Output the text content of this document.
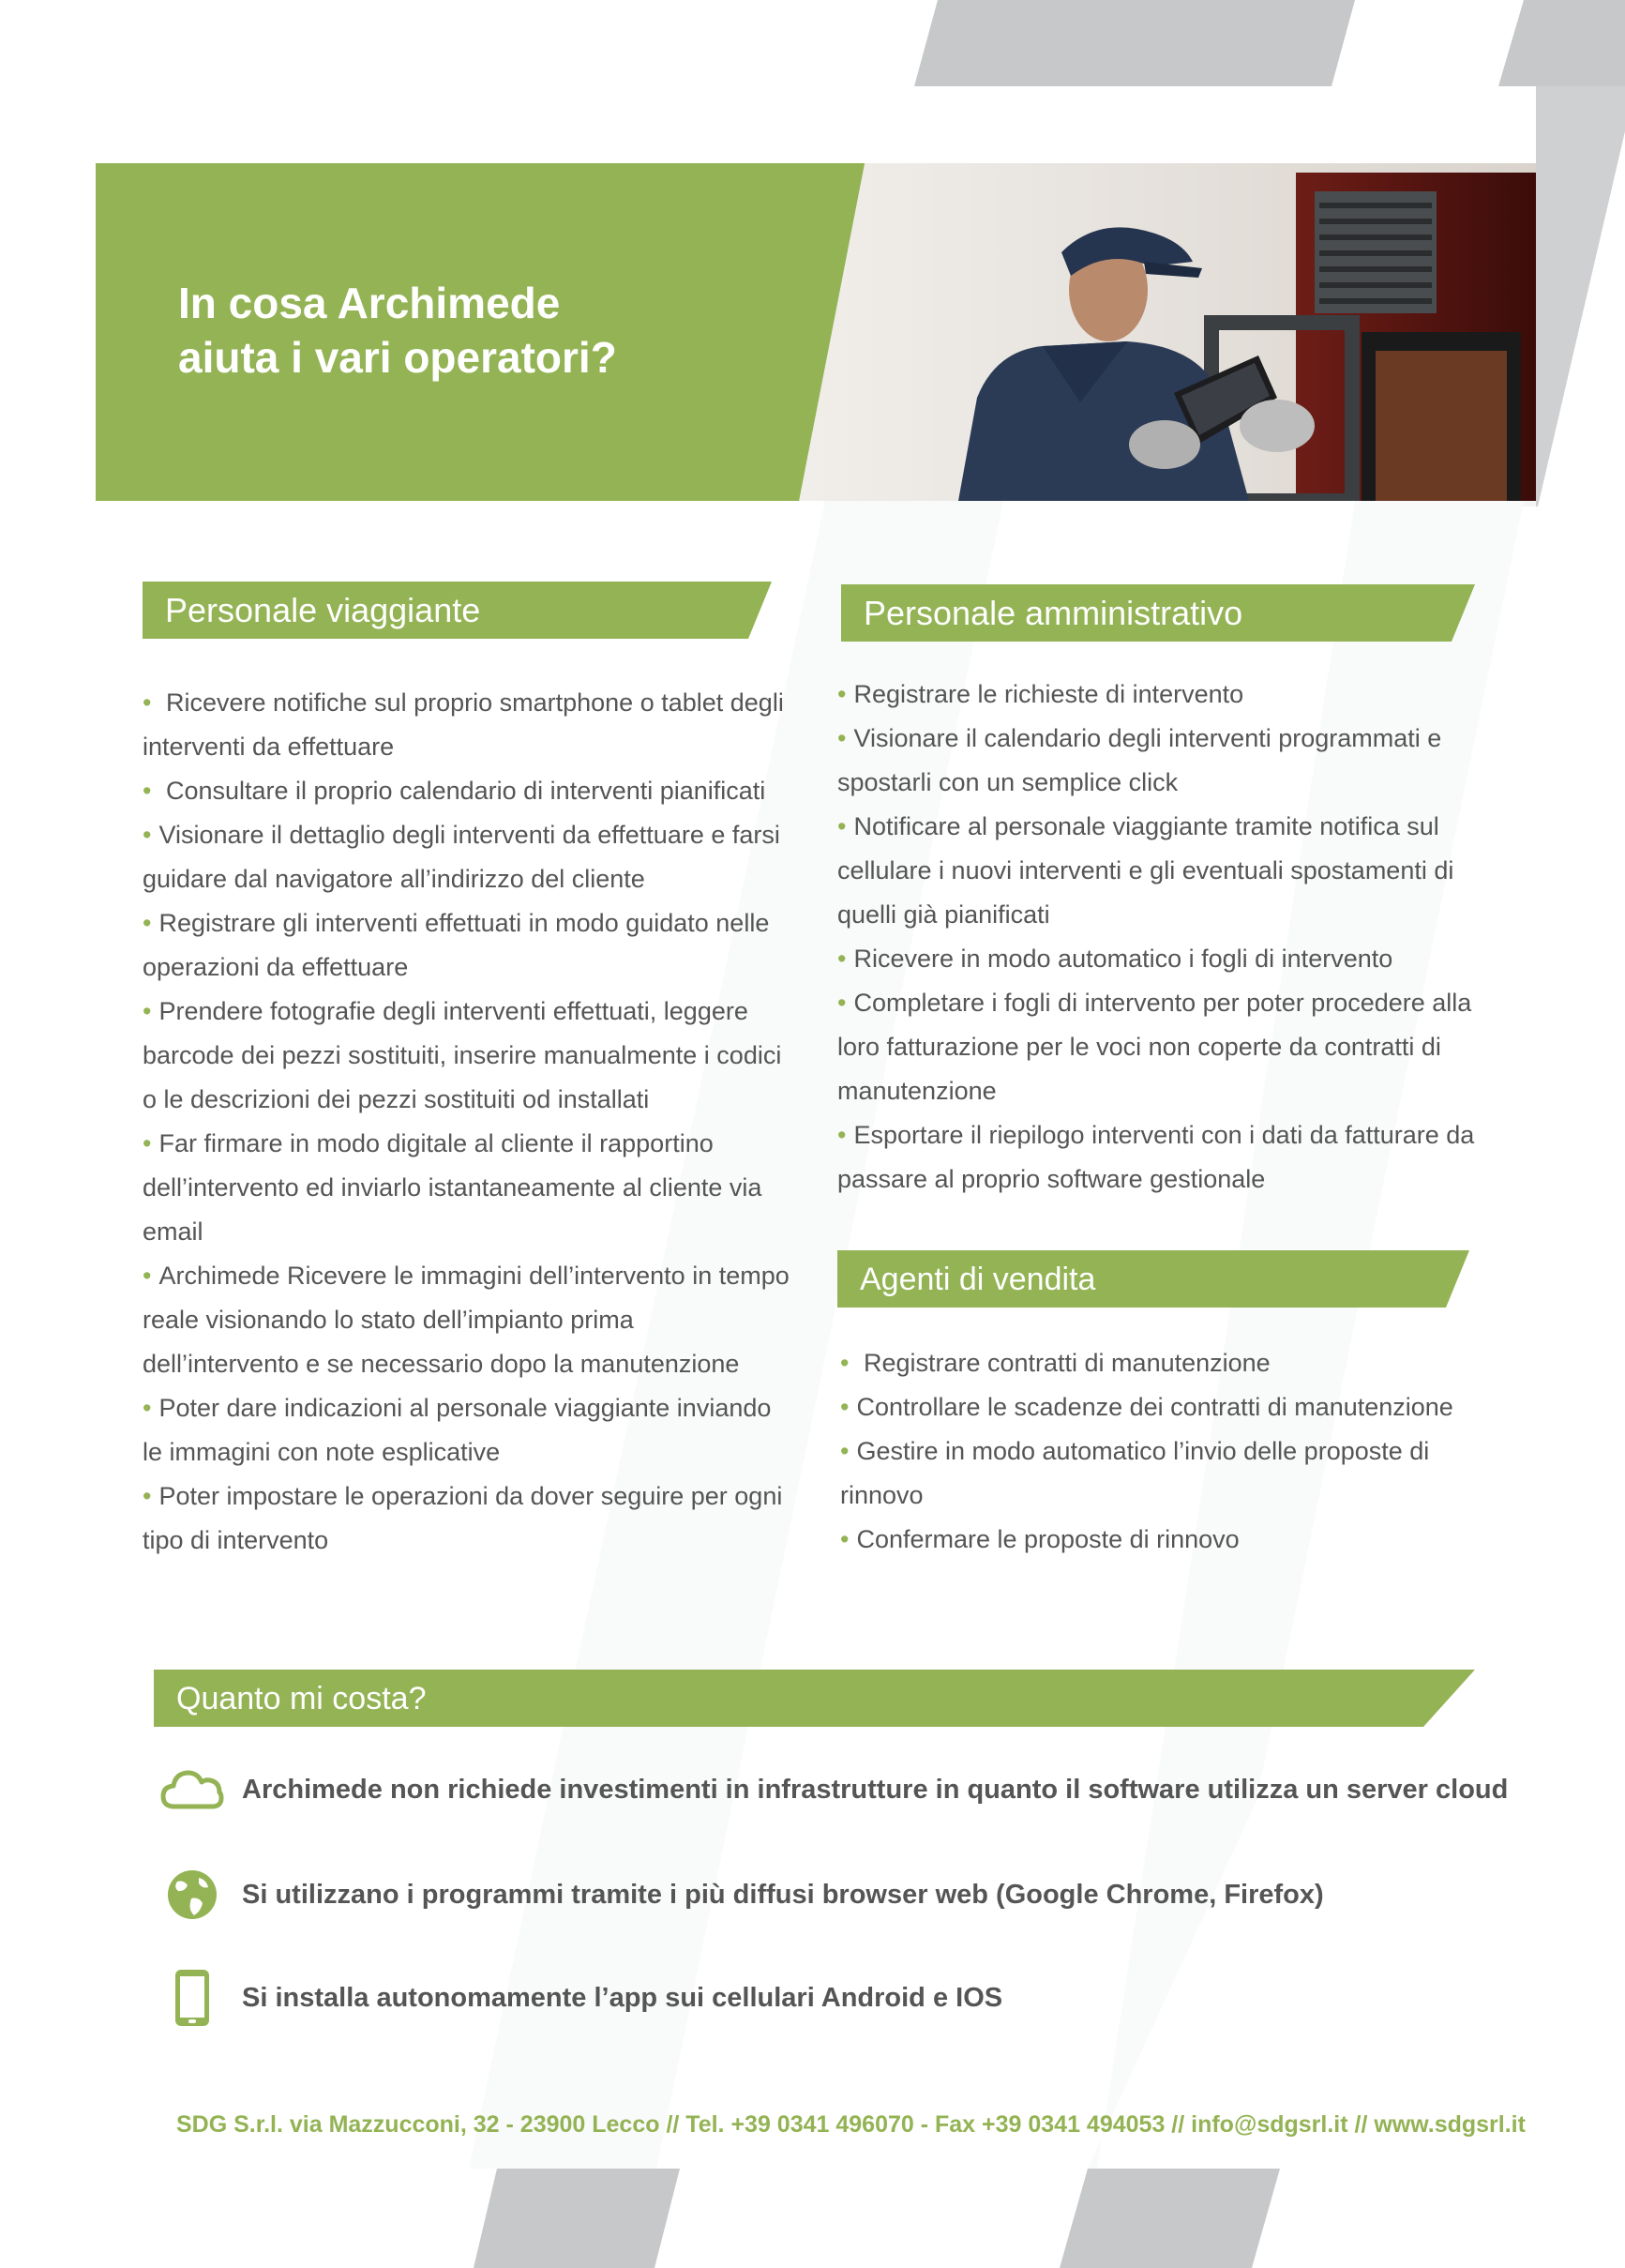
In cosa Archimede
aiuta i vari operatori?
Personale viaggiante	Personale amministrativo
Agenti di vendita
Quanto mi costa?
• Ricevere notifiche sul proprio smartphone o tablet degli interventi da effettuare
• Consultare il proprio calendario di interventi pianificati
• Visionare il dettaglio degli interventi da effettuare e farsi guidare dal navigatore all’indirizzo del cliente
• Registrare gli interventi effettuati in modo guidato nelle operazioni da effettuare
• Prendere fotografie degli interventi effettuati, leggere barcode dei pezzi sostituiti, inserire manualmente i codici o le descrizioni dei pezzi sostituiti od installati
• Far firmare in modo digitale al cliente il rapportino dell’intervento ed inviarlo istantaneamente al cliente via email
• Archimede Ricevere le immagini dell’intervento in tempo reale visionando lo stato dell’impianto prima dell’intervento e se necessario dopo la manutenzione
• Poter dare indicazioni al personale viaggiante inviando le immagini con note esplicative
• Poter impostare le operazioni da dover seguire per ogni tipo di intervento
• Registrare le richieste di intervento
• Visionare il calendario degli interventi programmati e spostarli con un semplice click
• Notificare al personale viaggiante tramite notifica sul cellulare i nuovi interventi e gli eventuali spostamenti di quelli già pianificati
• Ricevere in modo automatico i fogli di intervento
• Completare i fogli di intervento per poter procedere alla loro fatturazione per le voci non coperte da contratti di manutenzione
• Esportare il riepilogo interventi con i dati da fatturare da passare al proprio software gestionale
• Registrare contratti di manutenzione
• Controllare le scadenze dei contratti di manutenzione
• Gestire in modo automatico l’invio delle proposte di rinnovo
• Confermare le proposte di rinnovo
Archimede non richiede investimenti in infrastrutture in quanto il software utilizza un server cloud
Si utilizzano i programmi tramite i più diffusi browser web (Google Chrome, Firefox)
Si installa autonomamente l’app sui cellulari Android e IOS
SDG S.r.l. via Mazzucconi, 32 - 23900 Lecco // Tel. +39 0341 496070 - Fax +39 0341 494053 // info@sdgsrl.it // www.sdgsrl.it
